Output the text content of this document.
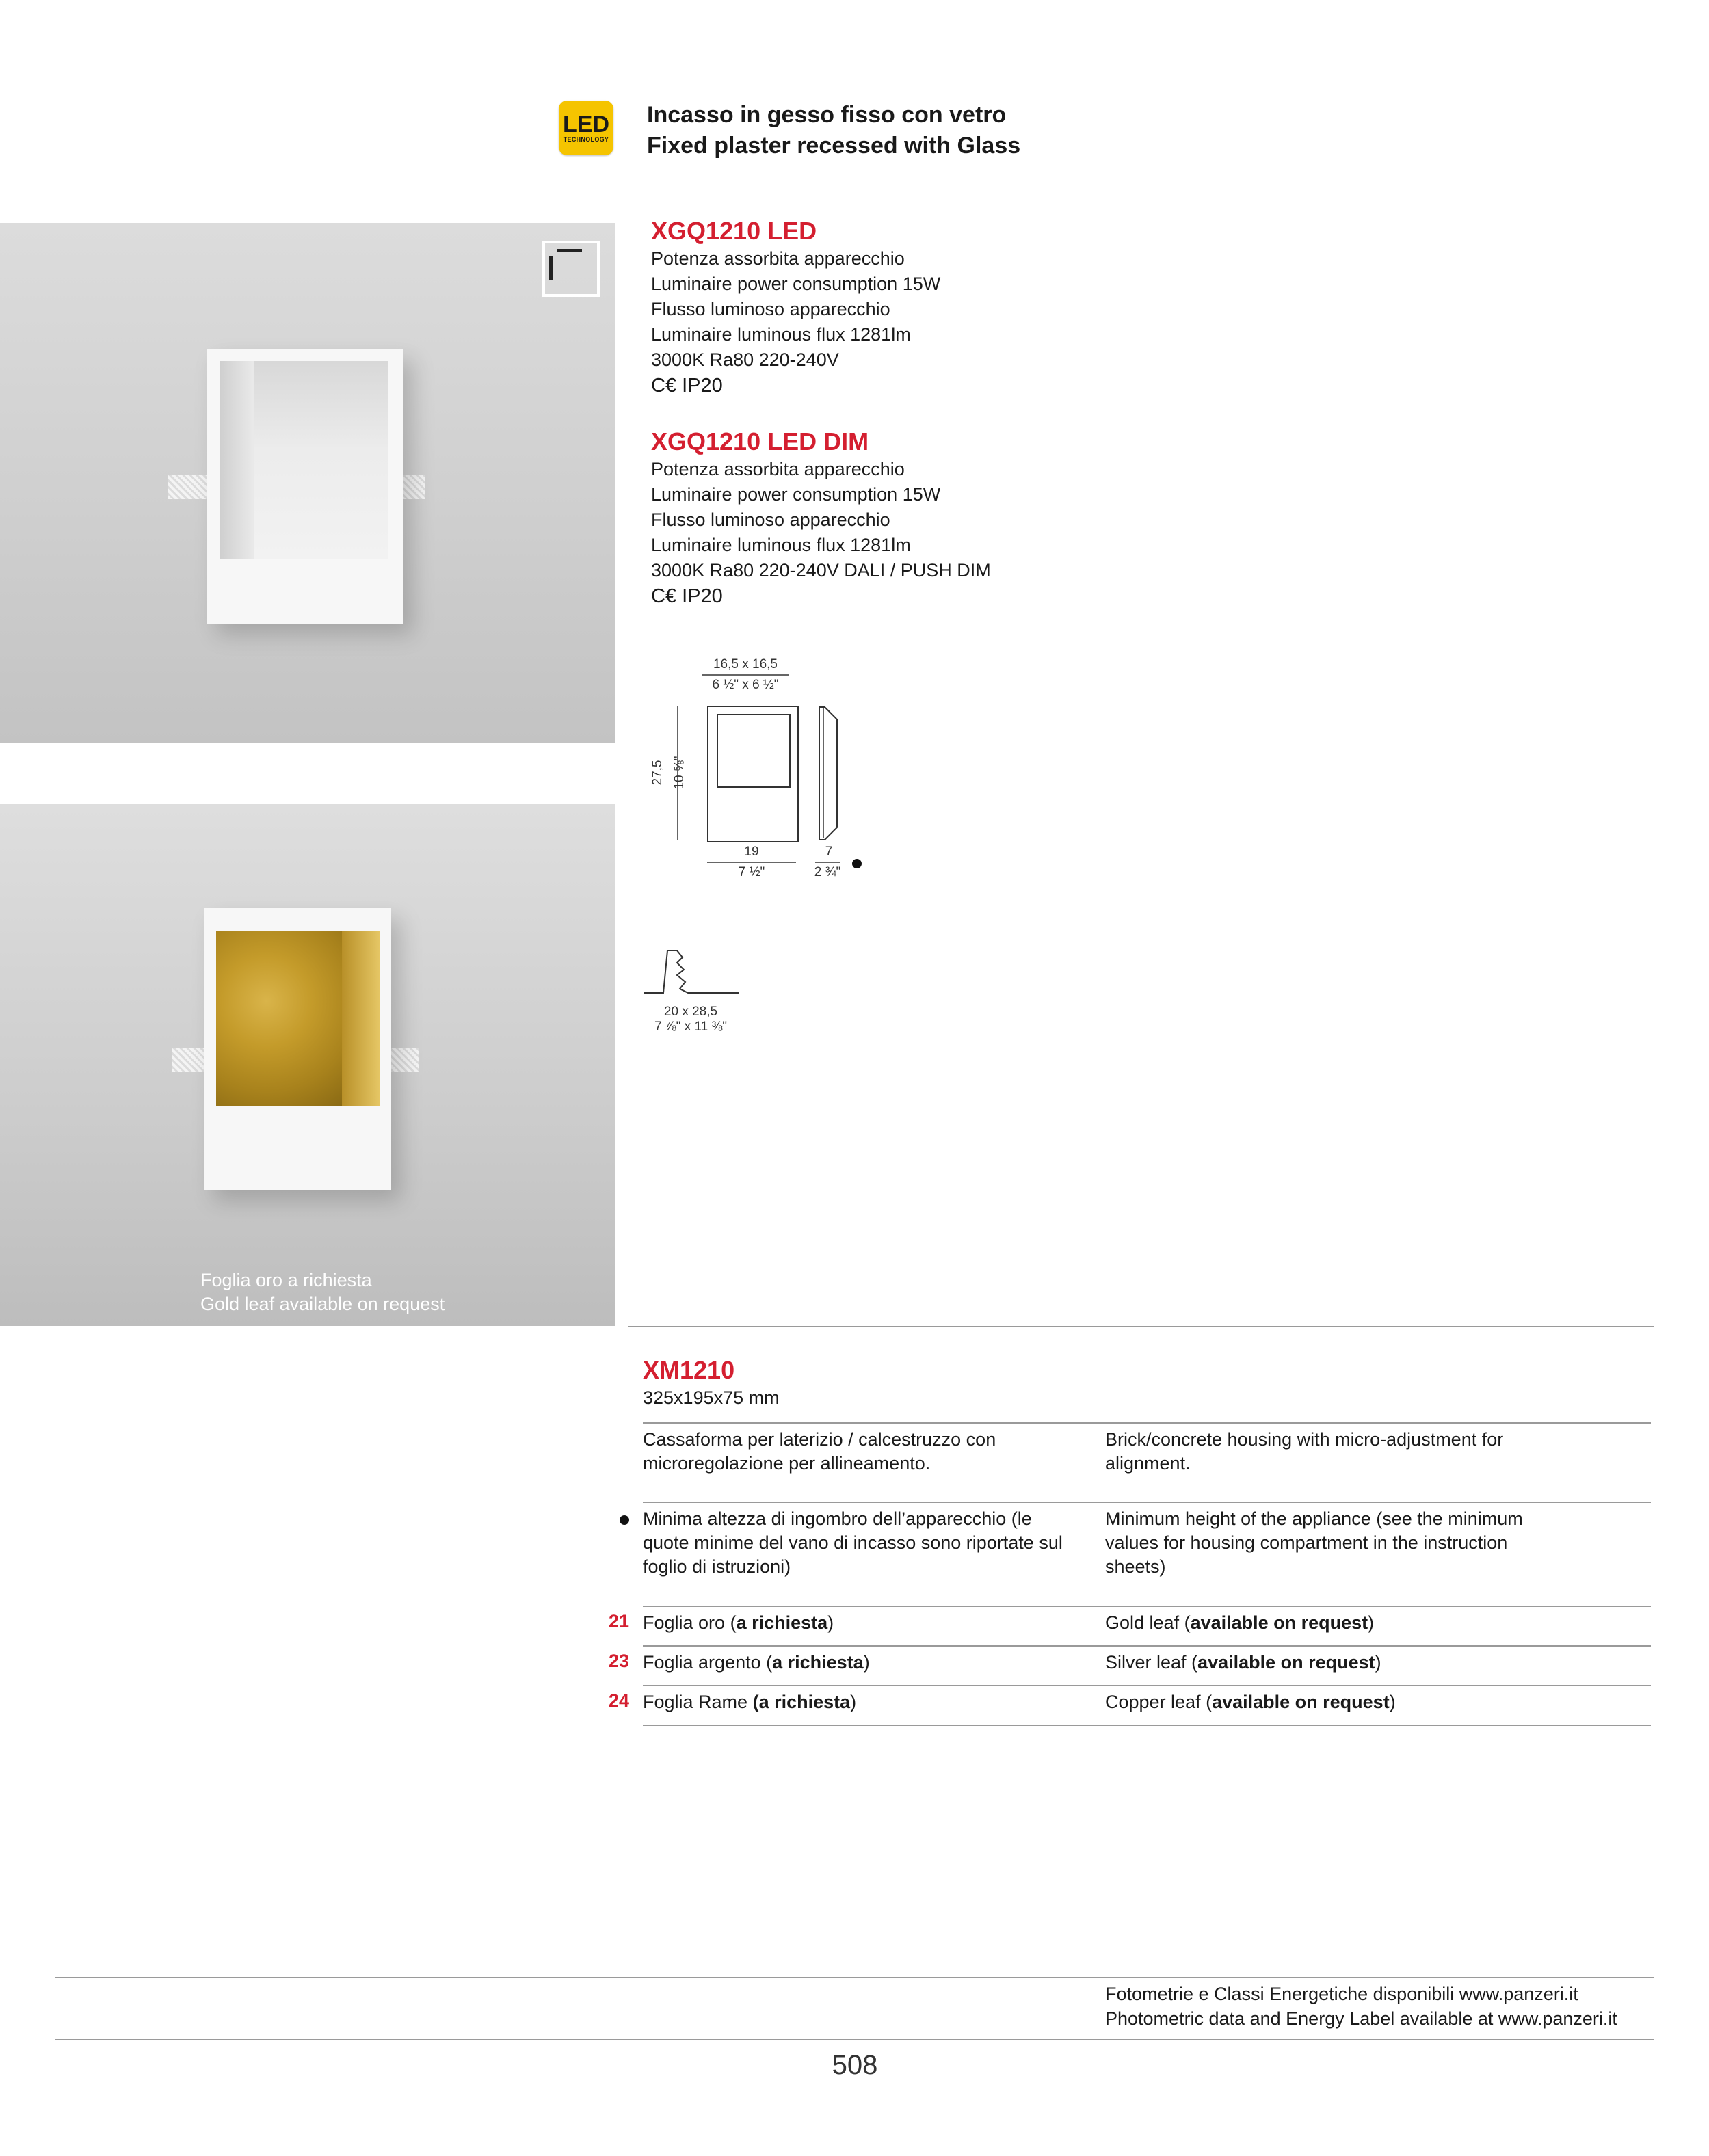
LED
TECHNOLOGY
Incasso in gesso fisso con vetro
Fixed plaster recessed with Glass
Foglia oro a richiesta
Gold leaf available on request
XGQ1210 LED
Potenza assorbita apparecchio
Luminaire power consumption 15W
Flusso luminoso apparecchio
Luminaire luminous flux 1281lm
3000K Ra80 220-240V
C€ IP20
XGQ1210 LED DIM
Potenza assorbita apparecchio
Luminaire power consumption 15W
Flusso luminoso apparecchio
Luminaire luminous flux 1281lm
3000K Ra80 220-240V DALI / PUSH DIM
C€ IP20
16,5 x 16,5
6 ½" x 6 ½"
27,5 10 ⅝"
19
7 ½"
7
2 ¾"
20 x 28,5
7 ⅞" x 11 ⅜"
XM1210
325x195x75 mm
Cassaforma per laterizio / calcestruzzo con microregolazione per allineamento.
Brick/concrete housing with micro-adjustment for alignment.
Minima altezza di ingombro dell’apparecchio (le quote minime del vano di incasso sono riportate sul foglio di istruzioni)
Minimum height of the appliance (see the minimum values for housing compartment in the instruction sheets)
21 Foglia oro (a richiesta)	Gold leaf (available on request)
23 Foglia argento (a richiesta)	Silver leaf (available on request)
24 Foglia Rame (a richiesta)	Copper leaf (available on request)
Fotometrie e Classi Energetiche disponibili www.panzeri.it
Photometric data and Energy Label available at www.panzeri.it
508
